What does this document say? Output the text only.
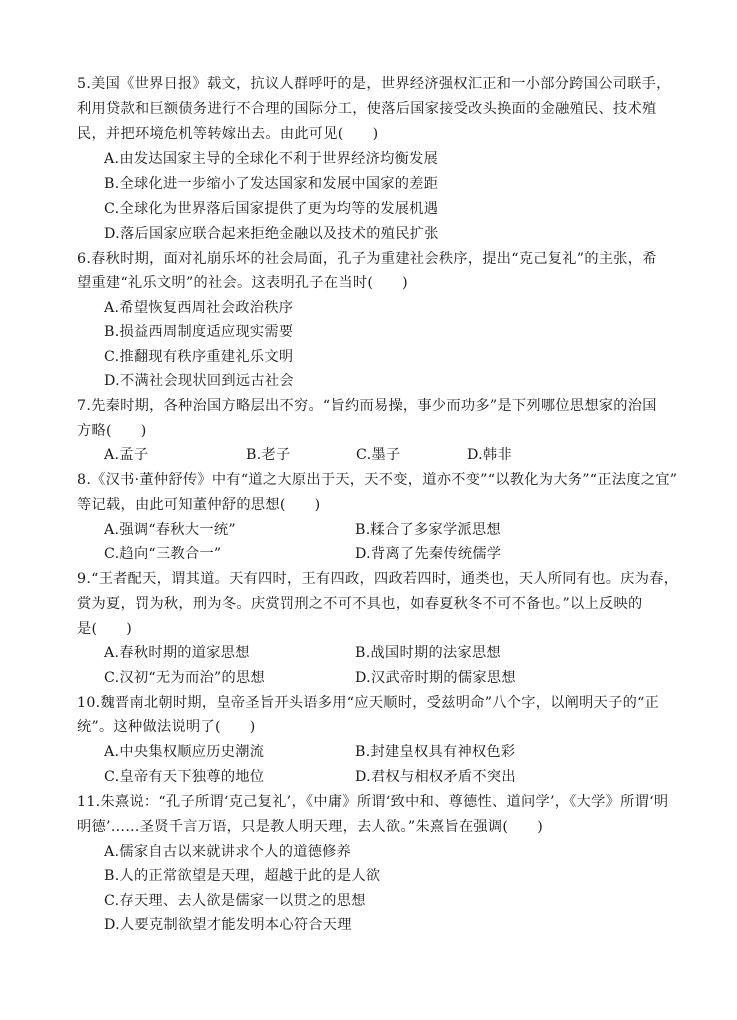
5.美国《世界日报》载文，抗议人群呼吁的是，世界经济强权汇正和一小部分跨国公司联手，
利用贷款和巨额债务进行不合理的国际分工，使落后国家接受改头换面的金融殖民、技术殖
民，并把环境危机等转嫁出去。由此可见(　　)
A.由发达国家主导的全球化不利于世界经济均衡发展
B.全球化进一步缩小了发达国家和发展中国家的差距
C.全球化为世界落后国家提供了更为均等的发展机遇
D.落后国家应联合起来拒绝金融以及技术的殖民扩张
6.春秋时期，面对礼崩乐坏的社会局面，孔子为重建社会秩序，提出“克己复礼”的主张，希
望重建“礼乐文明”的社会。这表明孔子在当时(　　)
A.希望恢复西周社会政治秩序
B.损益西周制度适应现实需要
C.推翻现有秩序重建礼乐文明
D.不满社会现状回到远古社会
7.先秦时期，各种治国方略层出不穷。“旨约而易操，事少而功多”是下列哪位思想家的治国
方略(　　)
A.孟子	B.老子	C.墨子	D.韩非
8.《汉书·董仲舒传》中有“道之大原出于天，天不变，道亦不变”“以教化为大务”“正法度之宜”
等记载，由此可知董仲舒的思想(　　)
A.强调“春秋大一统”	B.糅合了多家学派思想
C.趋向“三教合一”	D.背离了先秦传统儒学
9.“王者配天，谓其道。天有四时，王有四政，四政若四时，通类也，天人所同有也。庆为春，
赏为夏，罚为秋，刑为冬。庆赏罚刑之不可不具也，如春夏秋冬不可不备也。”以上反映的
是(　　)
A.春秋时期的道家思想	B.战国时期的法家思想
C.汉初“无为而治”的思想	D.汉武帝时期的儒家思想
10.魏晋南北朝时期，皇帝圣旨开头语多用“应天顺时，受兹明命”八个字，以阐明天子的“正
统”。这种做法说明了(　　)
A.中央集权顺应历史潮流	B.封建皇权具有神权色彩
C.皇帝有天下独尊的地位	D.君权与相权矛盾不突出
11.朱熹说：“孔子所谓‘克己复礼’，《中庸》所谓‘致中和、尊德性、道问学’，《大学》所谓‘明
明德’……圣贤千言万语，只是教人明天理，去人欲。”朱熹旨在强调(　　)
A.儒家自古以来就讲求个人的道德修养
B.人的正常欲望是天理，超越于此的是人欲
C.存天理、去人欲是儒家一以贯之的思想
D.人要克制欲望才能发明本心符合天理
